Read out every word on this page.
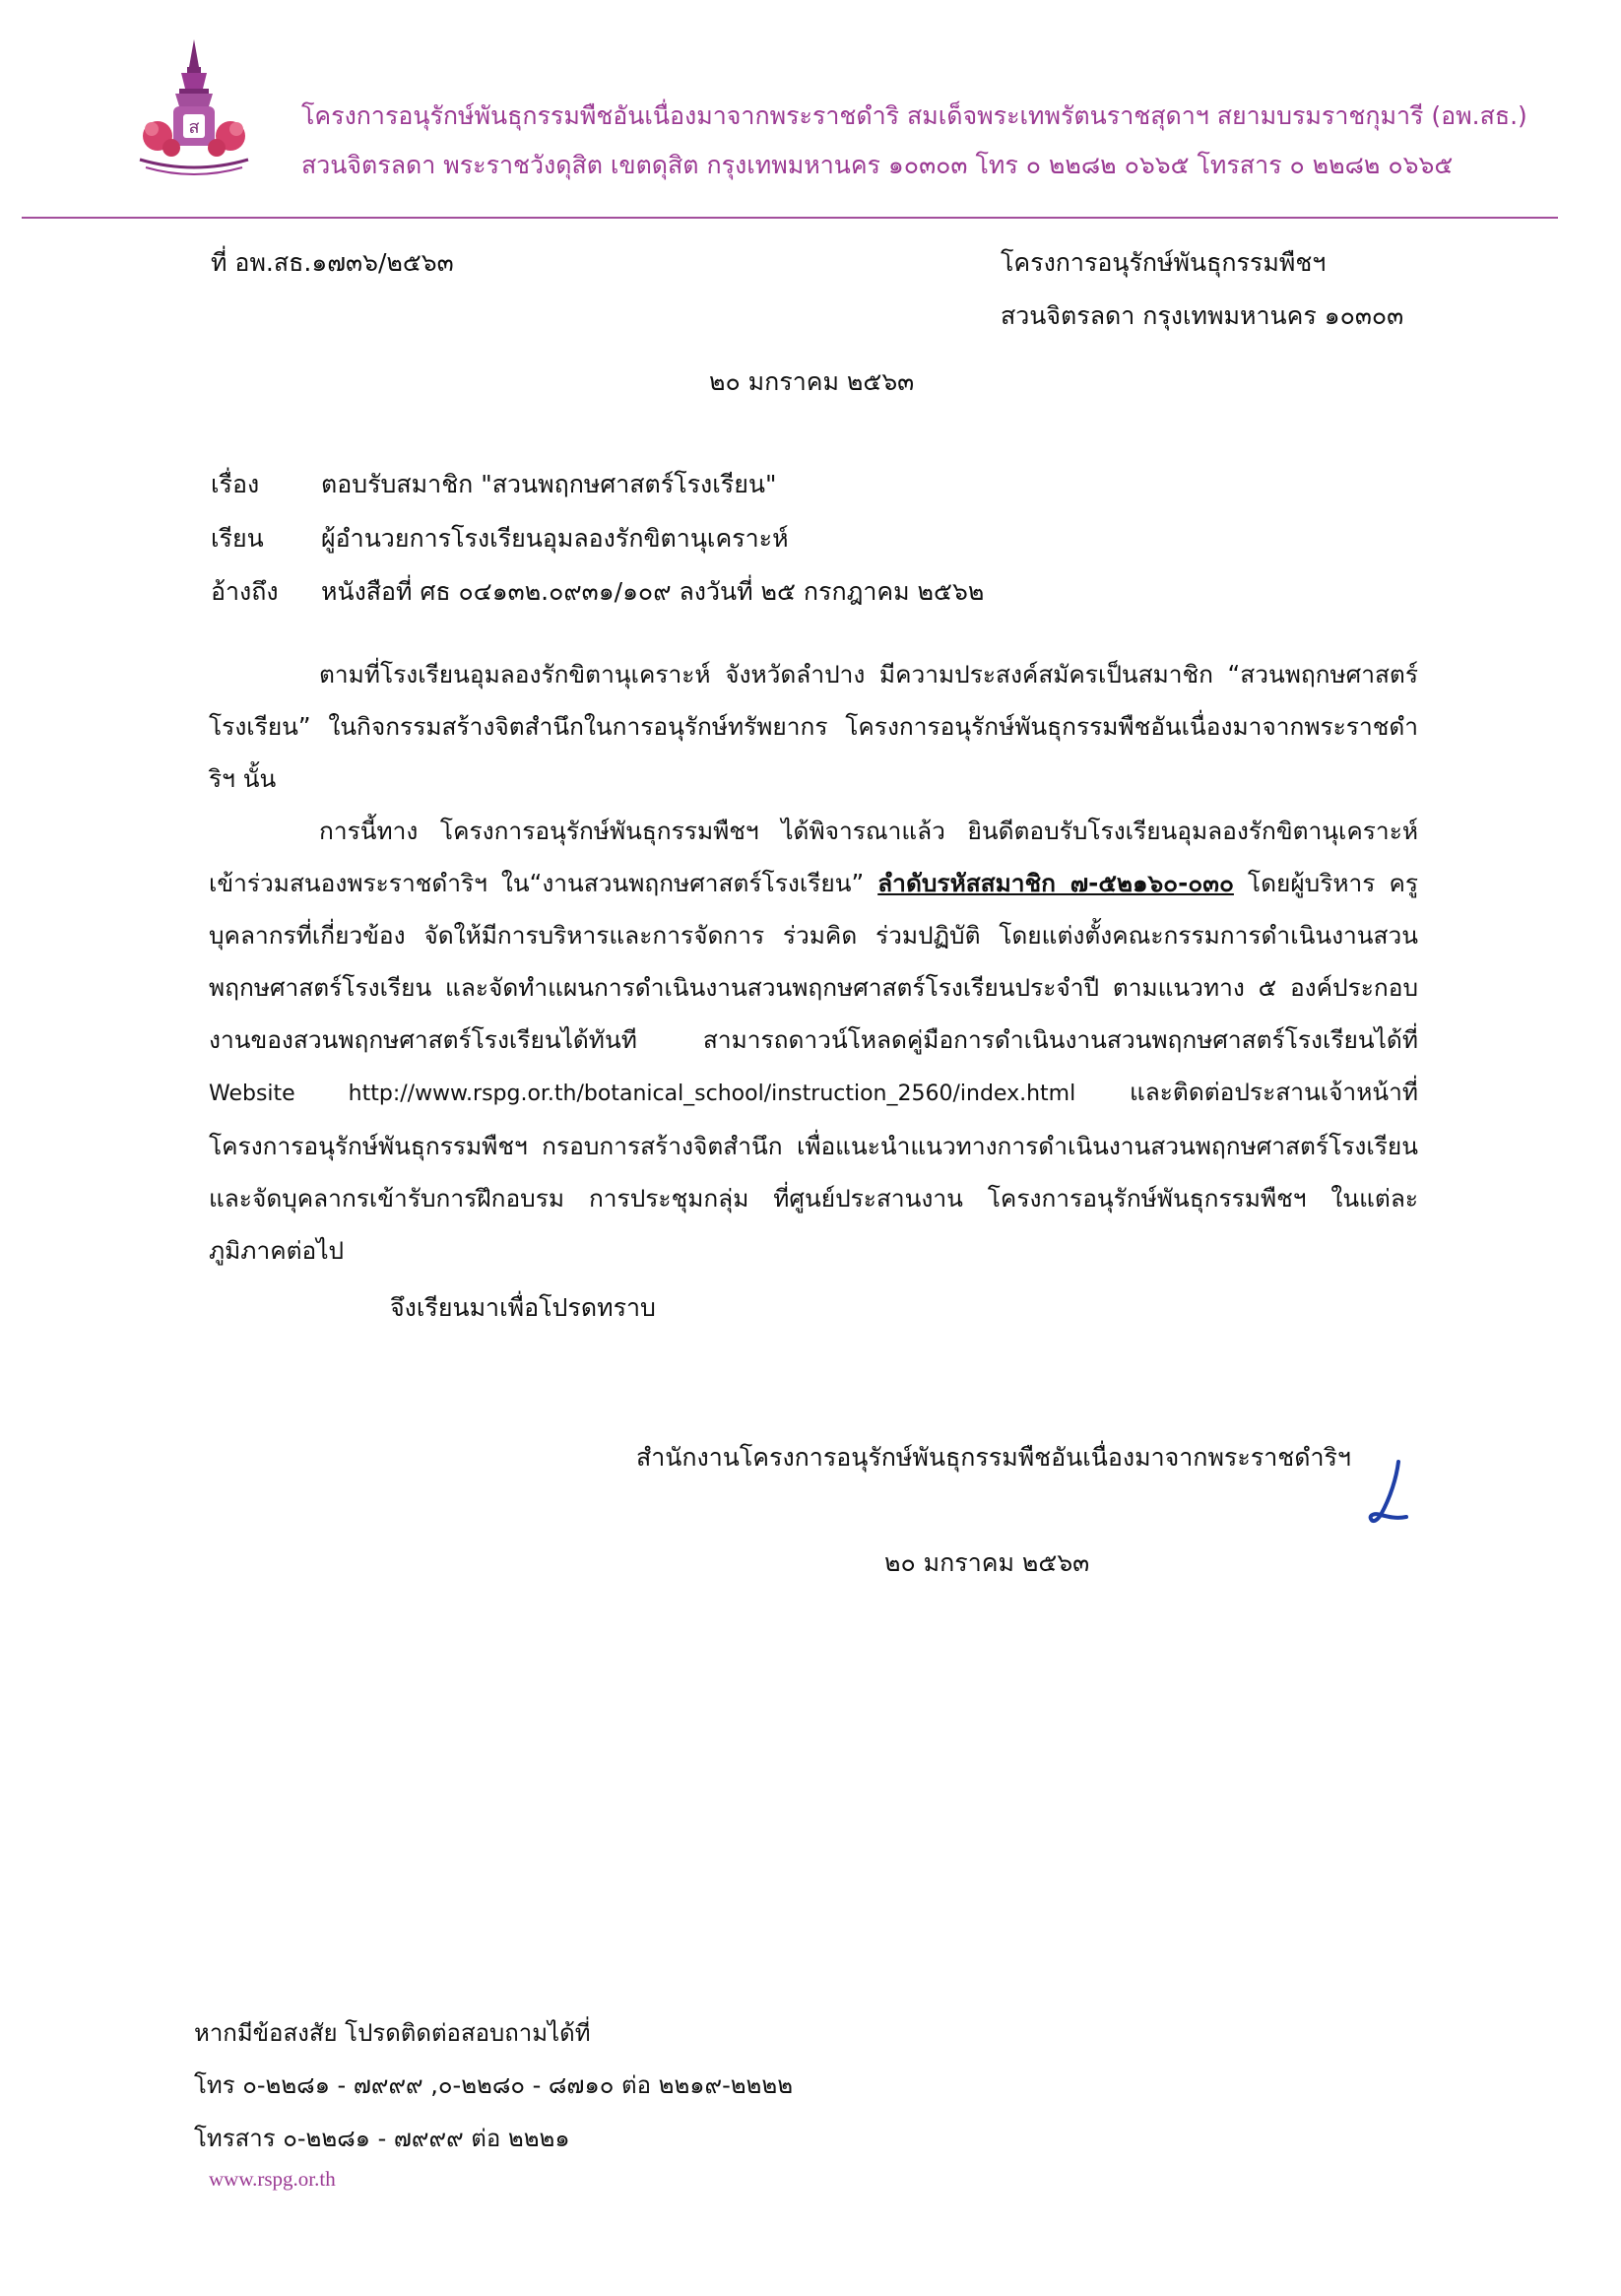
ส	โครงการอนุรักษ์พันธุกรรมพืชอันเนื่องมาจากพระราชดำริ สมเด็จพระเทพรัตนราชสุดาฯ สยามบรมราชกุมารี (อพ.สธ.)
สวนจิตรลดา พระราชวังดุสิต เขตดุสิต กรุงเทพมหานคร ๑๐๓๐๓ โทร ๐ ๒๒๘๒ ๐๖๖๕ โทรสาร ๐ ๒๒๘๒ ๐๖๖๕
ที่ อพ.สธ.๑๗๓๖/๒๕๖๓	โครงการอนุรักษ์พันธุกรรมพืชฯ
สวนจิตรลดา กรุงเทพมหานคร ๑๐๓๐๓
๒๐ มกราคม ๒๕๖๓
เรื่อง	ตอบรับสมาชิก "สวนพฤกษศาสตร์โรงเรียน"
เรียน ผู้อำนวยการโรงเรียนอุมลองรักขิตานุเคราะห์
อ้างถึง หนังสือที่ ศธ ๐๔๑๓๒.๐๙๓๑/๑๐๙ ลงวันที่ ๒๕ กรกฎาคม ๒๕๖๒
ตามที่โรงเรียนอุมลองรักขิตานุเคราะห์ จังหวัดลำปาง มีความประสงค์สมัครเป็นสมาชิก “สวนพฤกษศาสตร์โรงเรียน” ในกิจกรรมสร้างจิตสำนึกในการอนุรักษ์ทรัพยากร โครงการอนุรักษ์พันธุกรรมพืชอันเนื่องมาจากพระราชดำริฯ นั้น
การนี้ทาง โครงการอนุรักษ์พันธุกรรมพืชฯ ได้พิจารณาแล้ว ยินดีตอบรับโรงเรียนอุมลองรักขิตานุเคราะห์ เข้าร่วมสนองพระราชดำริฯ ใน“งานสวนพฤกษศาสตร์โรงเรียน” ลำดับรหัสสมาชิก ๗-๕๒๑๖๐-๐๓๐ โดยผู้บริหาร ครู บุคลากรที่เกี่ยวข้อง จัดให้มีการบริหารและการจัดการ ร่วมคิด ร่วมปฏิบัติ โดยแต่งตั้งคณะกรรมการดำเนินงานสวนพฤกษศาสตร์โรงเรียน และจัดทำแผนการดำเนินงานสวนพฤกษศาสตร์โรงเรียนประจำปี ตามแนวทาง ๕ องค์ประกอบงานของสวนพฤกษศาสตร์โรงเรียนได้ทันที สามารถดาวน์โหลดคู่มือการดำเนินงานสวนพฤกษศาสตร์โรงเรียนได้ที่ Website http://www.rspg.or.th/botanical_school/instruction_2560/index.html และติดต่อประสานเจ้าหน้าที่ โครงการอนุรักษ์พันธุกรรมพืชฯ กรอบการสร้างจิตสำนึก เพื่อแนะนำแนวทางการดำเนินงานสวนพฤกษศาสตร์โรงเรียน และจัดบุคลากรเข้ารับการฝึกอบรม การประชุมกลุ่ม ที่ศูนย์ประสานงาน โครงการอนุรักษ์พันธุกรรมพืชฯ ในแต่ละภูมิภาคต่อไป
จึงเรียนมาเพื่อโปรดทราบ
สำนักงานโครงการอนุรักษ์พันธุกรรมพืชอันเนื่องมาจากพระราชดำริฯ
๒๐ มกราคม ๒๕๖๓
หากมีข้อสงสัย โปรดติดต่อสอบถามได้ที่
โทร ๐-๒๒๘๑ - ๗๙๙๙ ,๐-๒๒๘๐ - ๘๗๑๐ ต่อ ๒๒๑๙-๒๒๒๒
โทรสาร ๐-๒๒๘๑ - ๗๙๙๙ ต่อ ๒๒๒๑
www.rspg.or.th
